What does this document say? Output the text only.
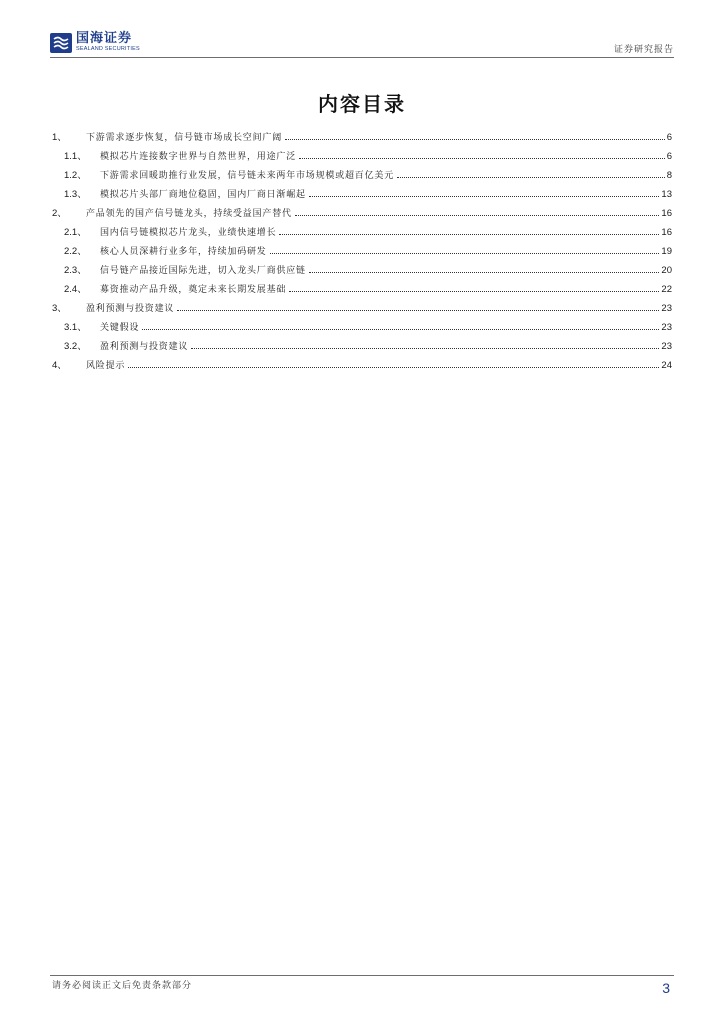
国海证券
SEALAND SECURITIES	证券研究报告
内容目录
1、	下游需求逐步恢复，信号链市场成长空间广阔	6
1.1、	模拟芯片连接数字世界与自然世界，用途广泛	6
1.2、	下游需求回暖助推行业发展，信号链未来两年市场规模或超百亿美元	8
1.3、	模拟芯片头部厂商地位稳固，国内厂商日渐崛起	13
2、	产品领先的国产信号链龙头，持续受益国产替代	16
2.1、	国内信号链模拟芯片龙头，业绩快速增长	16
2.2、	核心人员深耕行业多年，持续加码研发	19
2.3、	信号链产品接近国际先进，切入龙头厂商供应链	20
2.4、	募资推动产品升级，奠定未来长期发展基础	22
3、	盈利预测与投资建议	23
3.1、	关键假设	23
3.2、	盈利预测与投资建议	23
4、	风险提示	24
请务必阅读正文后免责条款部分	3
